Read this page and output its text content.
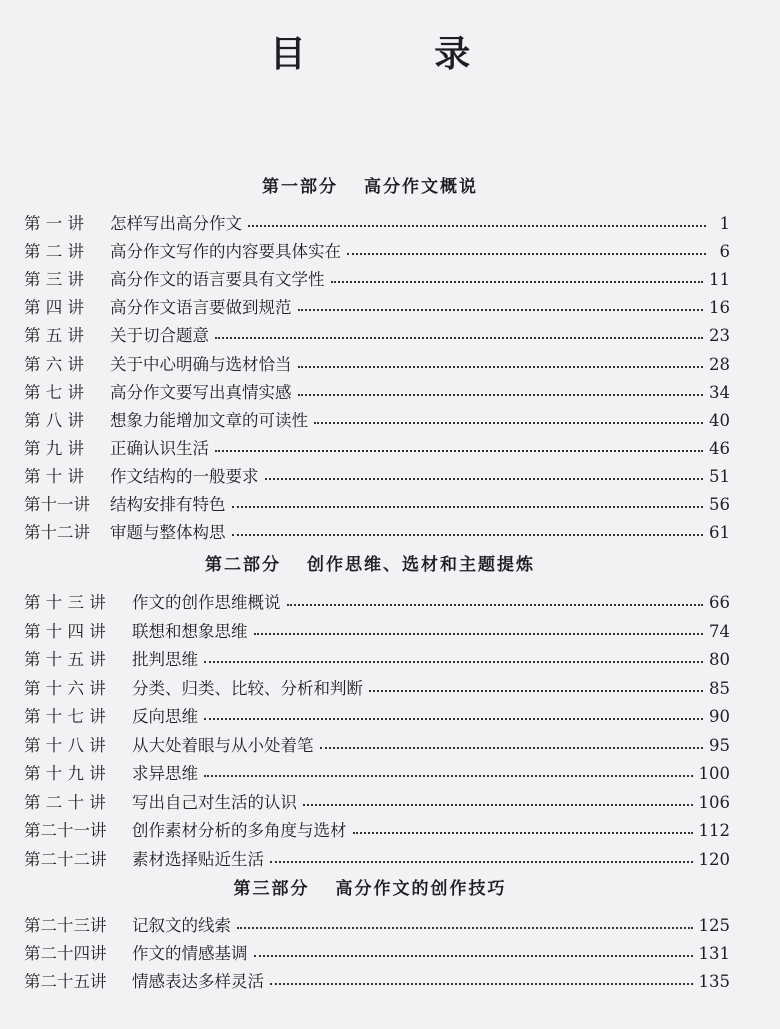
目 录
第一部分 高分作文概说
第 一 讲	怎样写出高分作文	1
第 二 讲	高分作文写作的内容要具体实在	6
第 三 讲	高分作文的语言要具有文学性	11
第 四 讲	高分作文语言要做到规范	16
第 五 讲	关于切合题意	23
第 六 讲	关于中心明确与选材恰当	28
第 七 讲	高分作文要写出真情实感	34
第 八 讲	想象力能增加文章的可读性	40
第 九 讲	正确认识生活	46
第 十 讲	作文结构的一般要求	51
第十一讲	结构安排有特色	56
第十二讲	审题与整体构思	61
第二部分 创作思维、选材和主题提炼
第 十 三 讲	作文的创作思维概说	66
第 十 四 讲	联想和想象思维	74
第 十 五 讲	批判思维	80
第 十 六 讲	分类、归类、比较、分析和判断	85
第 十 七 讲	反向思维	90
第 十 八 讲	从大处着眼与从小处着笔	95
第 十 九 讲	求异思维	100
第 二 十 讲	写出自己对生活的认识	106
第二十一讲	创作素材分析的多角度与选材	112
第二十二讲	素材选择贴近生活	120
第三部分 高分作文的创作技巧
第二十三讲	记叙文的线索	125
第二十四讲	作文的情感基调	131
第二十五讲	情感表达多样灵活	135
